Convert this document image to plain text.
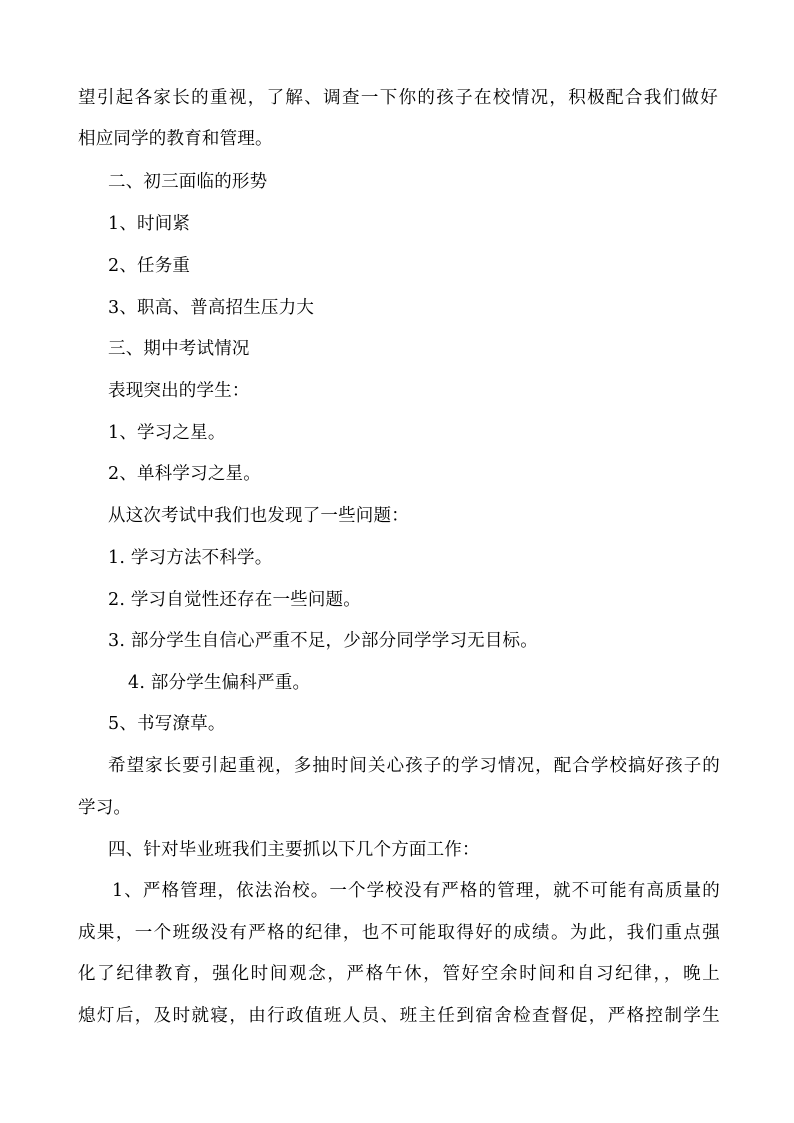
望引起各家长的重视，了解、调查一下你的孩子在校情况，积极配合我们做好
相应同学的教育和管理。
二、初三面临的形势
1、时间紧
2、任务重
3、职高、普高招生压力大
三、期中考试情况
表现突出的学生：
1、学习之星。
2、单科学习之星。
从这次考试中我们也发现了一些问题：
1. 学习方法不科学。
2. 学习自觉性还存在一些问题。
3. 部分学生自信心严重不足，少部分同学学习无目标。
4. 部分学生偏科严重。
5、书写潦草。
希望家长要引起重视，多抽时间关心孩子的学习情况，配合学校搞好孩子的
学习。
四、针对毕业班我们主要抓以下几个方面工作：
1、严格管理，依法治校。一个学校没有严格的管理，就不可能有高质量的
成果，一个班级没有严格的纪律，也不可能取得好的成绩。为此，我们重点强
化了纪律教育，强化时间观念，严格午休，管好空余时间和自习纪律，，晚上
熄灯后，及时就寝，由行政值班人员、班主任到宿舍检查督促，严格控制学生
